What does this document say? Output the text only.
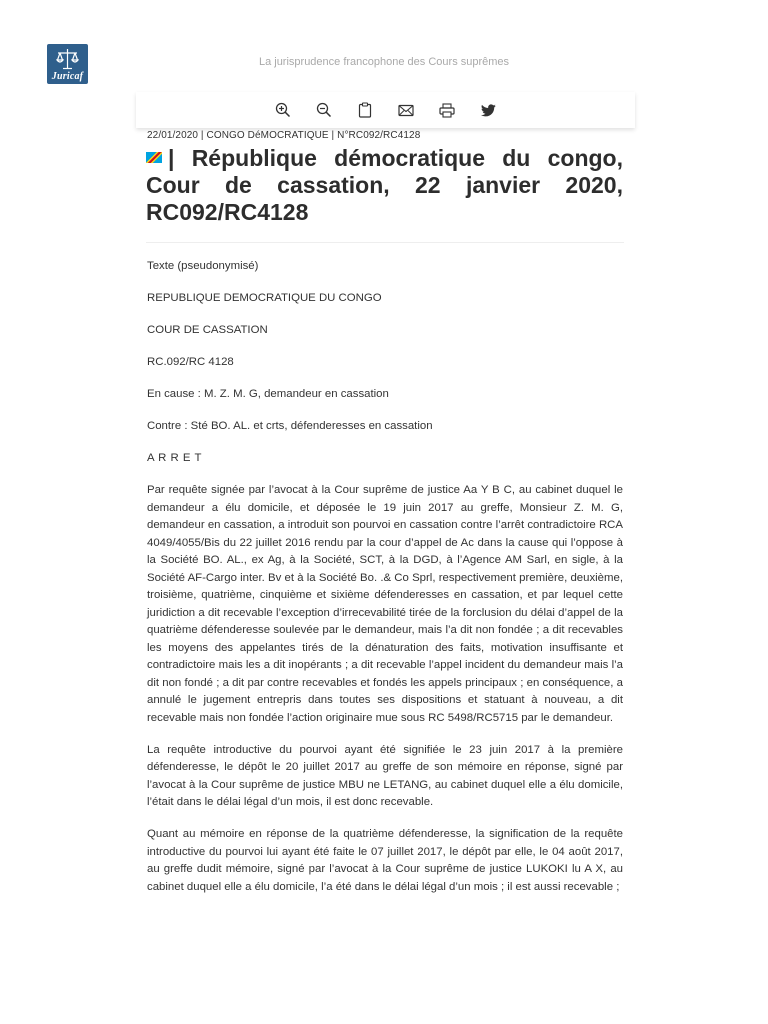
Juricaf
La jurisprudence francophone des Cours suprêmes
22/01/2020 | CONGO DéMOCRATIQUE | N°RC092/RC4128
| République démocratique du congo, Cour de cassation, 22 janvier 2020, RC092/RC4128

Texte (pseudonymisé)

REPUBLIQUE DEMOCRATIQUE DU CONGO

COUR DE CASSATION

RC.092/RC 4128

En cause : M. Z. M. G, demandeur en cassation

Contre : Sté BO. AL. et crts, défenderesses en cassation

A R R E T

Par requête signée par l’avocat à la Cour suprême de justice Aa Y B C, au cabinet duquel le demandeur a élu domicile, et déposée le 19 juin 2017 au greffe, Monsieur Z. M. G, demandeur en cassation, a introduit son pourvoi en cassation contre l’arrêt contradictoire RCA 4049/4055/Bis du 22 juillet 2016 rendu par la cour d’appel de Ac dans la cause qui l’oppose à la Société BO. AL., ex Ag, à la Société, SCT, à la DGD, à l’Agence AM Sarl, en sigle, à la Société AF-Cargo inter. Bv et à la Société Bo. .& Co Sprl, respectivement première, deuxième, troisième, quatrième, cinquième et sixième défenderesses en cassation, et par lequel cette juridiction a dit recevable l’exception d’irrecevabilité tirée de la forclusion du délai d’appel de la quatrième défenderesse soulevée par le demandeur, mais l’a dit non fondée ; a dit recevables les moyens des appelantes tirés de la dénaturation des faits, motivation insuffisante et contradictoire mais les a dit inopérants ; a dit recevable l’appel incident du demandeur mais l’a dit non fondé ; a dit par contre recevables et fondés les appels principaux ; en conséquence, a annulé le jugement entrepris dans toutes ses dispositions et statuant à nouveau, a dit recevable mais non fondée l’action originaire mue sous RC 5498/RC5715 par le demandeur.

La requête introductive du pourvoi ayant été signifiée le 23 juin 2017 à la première défenderesse, le dépôt le 20 juillet 2017 au greffe de son mémoire en réponse, signé par l’avocat à la Cour suprême de justice MBU ne LETANG, au cabinet duquel elle a élu domicile, l’était dans le délai légal d’un mois, il est donc recevable.

Quant au mémoire en réponse de la quatrième défenderesse, la signification de la requête introductive du pourvoi lui ayant été faite le 07 juillet 2017, le dépôt par elle, le 04 août 2017, au greffe dudit mémoire, signé par l’avocat à la Cour suprême de justice LUKOKI lu A X, au cabinet duquel elle a élu domicile, l’a été dans le délai légal d’un mois ; il est aussi recevable ;
